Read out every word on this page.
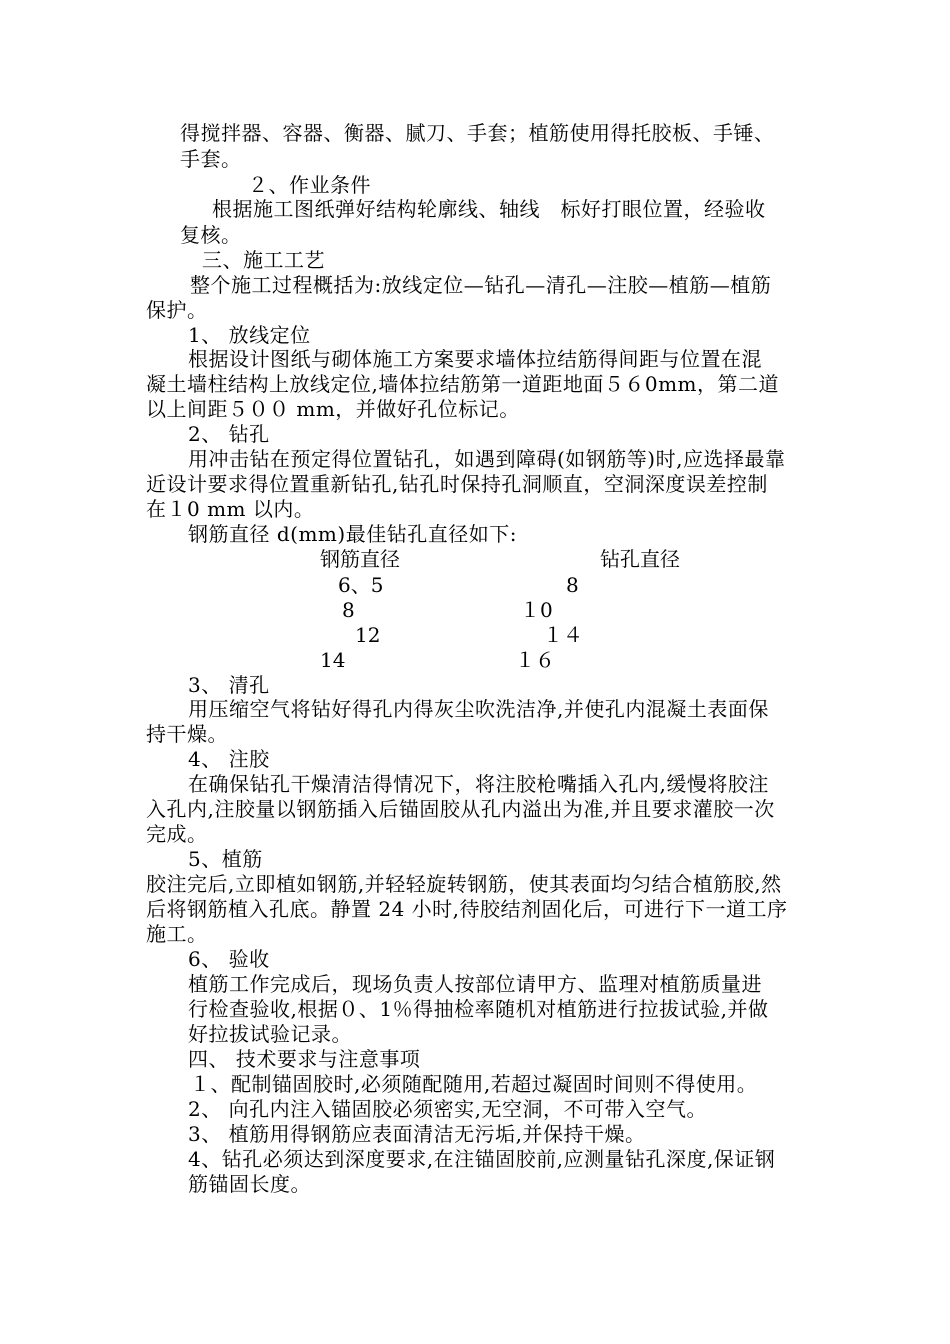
得搅拌器、容器、衡器、腻刀、手套；植筋使用得托胶板、手锤、
手套。
２、作业条件
根据施工图纸弹好结构轮廓线、轴线　标好打眼位置，经验收
复核。
三、施工工艺
整个施工过程概括为:放线定位—钻孔—清孔—注胶—植筋—植筋
保护。
1、 放线定位
根据设计图纸与砌体施工方案要求墙体拉结筋得间距与位置在混
凝土墙柱结构上放线定位,墙体拉结筋第一道距地面５６0mm，第二道
以上间距５００ mm，并做好孔位标记。
2、 钻孔
用冲击钻在预定得位置钻孔，如遇到障碍(如钢筋等)时,应选择最靠
近设计要求得位置重新钻孔,钻孔时保持孔洞顺直，空洞深度误差控制
在１0 mm 以内。
钢筋直径 d(mm)最佳钻孔直径如下:
钢筋直径	钻孔直径
6、5	8
8	１0
12	１４
14	１６
3、 清孔
用压缩空气将钻好得孔内得灰尘吹洗洁净,并使孔内混凝土表面保
持干燥。
4、 注胶
在确保钻孔干燥清洁得情况下，将注胶枪嘴插入孔内,缓慢将胶注
入孔内,注胶量以钢筋插入后锚固胶从孔内溢出为准,并且要求灌胶一次
完成。
5、植筋
胶注完后,立即植如钢筋,并轻轻旋转钢筋，使其表面均匀结合植筋胶,然
后将钢筋植入孔底。静置 24 小时,待胶结剂固化后，可进行下一道工序
施工。
6、 验收
植筋工作完成后，现场负责人按部位请甲方、监理对植筋质量进
行检查验收,根据０、1％得抽检率随机对植筋进行拉拔试验,并做
好拉拔试验记录。
四、 技术要求与注意事项
１、配制锚固胶时,必须随配随用,若超过凝固时间则不得使用。
2、 向孔内注入锚固胶必须密实,无空洞，不可带入空气。
3、 植筋用得钢筋应表面清洁无污垢,并保持干燥。
4、钻孔必须达到深度要求,在注锚固胶前,应测量钻孔深度,保证钢
筋锚固长度。
